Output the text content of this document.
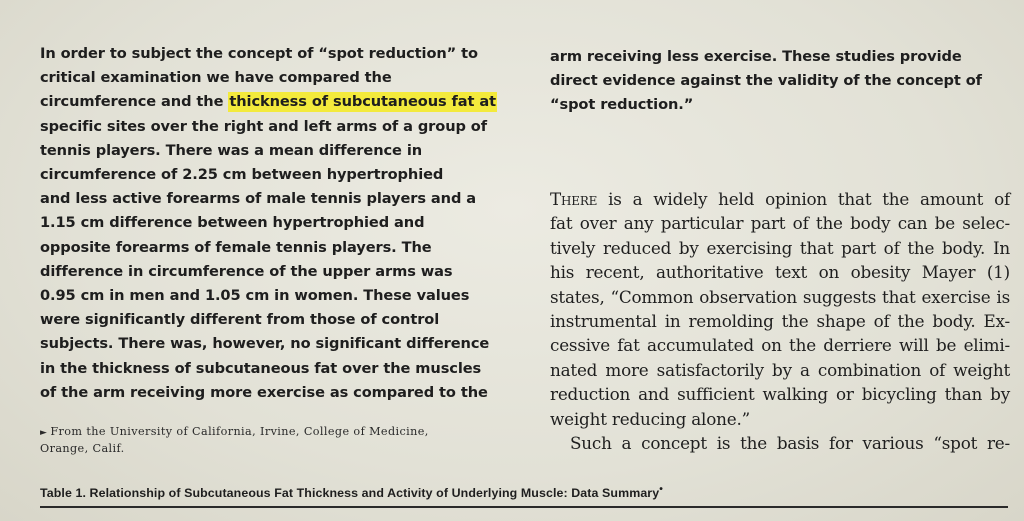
In order to subject the concept of “spot reduction” to
critical examination we have compared the
circumference and the thickness of subcutaneous fat at
specific sites over the right and left arms of a group of
tennis players. There was a mean difference in
circumference of 2.25 cm between hypertrophied
and less active forearms of male tennis players and a
1.15 cm difference between hypertrophied and
opposite forearms of female tennis players. The
difference in circumference of the upper arms was
0.95 cm in men and 1.05 cm in women. These values
were significantly different from those of control
subjects. There was, however, no significant difference
in the thickness of subcutaneous fat over the muscles
of the arm receiving more exercise as compared to the

► From the University of California, Irvine, College of Medicine,
Orange, Calif.
arm receiving less exercise. These studies provide
direct evidence against the validity of the concept of
“spot reduction.”
There is a widely held opinion that the amount of
fat over any particular part of the body can be selec-
tively reduced by exercising that part of the body. In
his recent, authoritative text on obesity Mayer (1)
states, “Common observation suggests that exercise is
instrumental in remolding the shape of the body. Ex-
cessive fat accumulated on the derriere will be elimi-
nated more satisfactorily by a combination of weight
reduction and sufficient walking or bicycling than by
weight reducing alone.”
Such a concept is the basis for various “spot re-
Table 1. Relationship of Subcutaneous Fat Thickness and Activity of Underlying Muscle: Data Summary•
